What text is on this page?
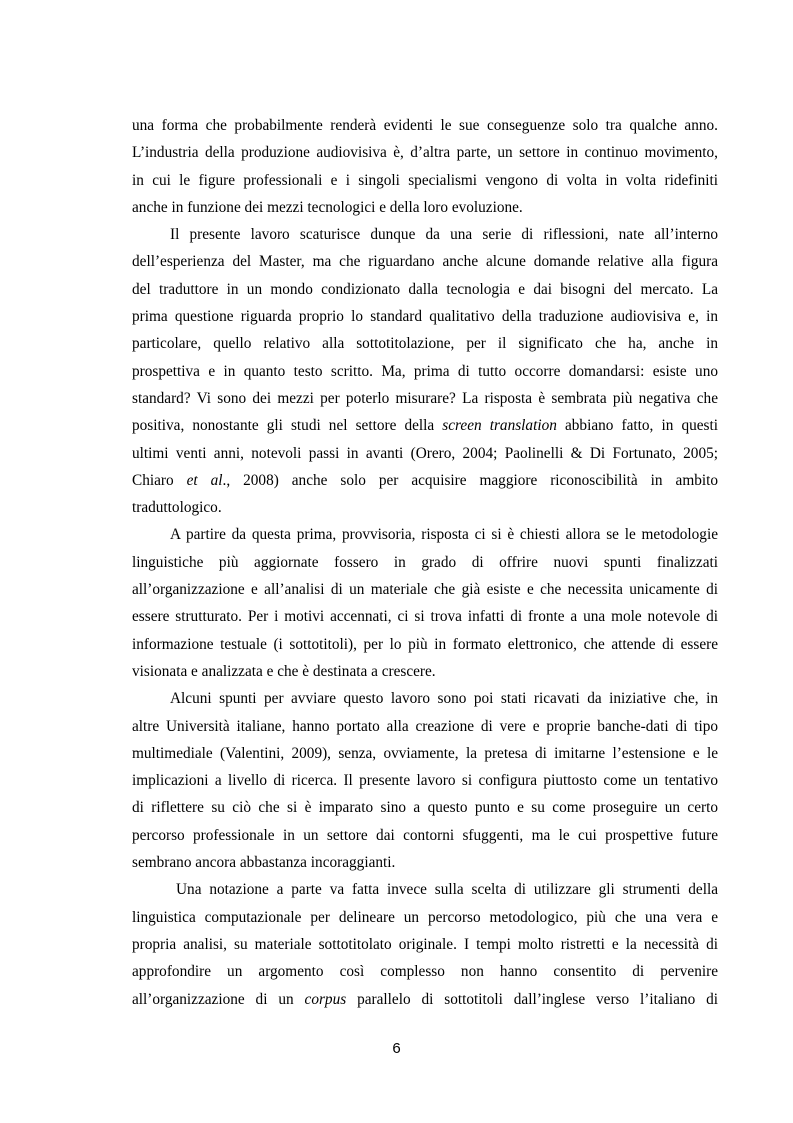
una forma che probabilmente renderà evidenti le sue conseguenze solo tra qualche anno.
L’industria della produzione audiovisiva è, d’altra parte, un settore in continuo movimento,
in cui le figure professionali e i singoli specialismi vengono di volta in volta ridefiniti
anche in funzione dei mezzi tecnologici e della loro evoluzione.
Il presente lavoro scaturisce dunque da una serie di riflessioni, nate all’interno
dell’esperienza del Master, ma che riguardano anche alcune domande relative alla figura
del traduttore in un mondo condizionato dalla tecnologia e dai bisogni del mercato. La
prima questione riguarda proprio lo standard qualitativo della traduzione audiovisiva e, in
particolare, quello relativo alla sottotitolazione, per il significato che ha, anche in
prospettiva e in quanto testo scritto. Ma, prima di tutto occorre domandarsi: esiste uno
standard? Vi sono dei mezzi per poterlo misurare? La risposta è sembrata più negativa che
positiva, nonostante gli studi nel settore della screen translation abbiano fatto, in questi
ultimi venti anni, notevoli passi in avanti (Orero, 2004; Paolinelli & Di Fortunato, 2005;
Chiaro et al., 2008) anche solo per acquisire maggiore riconoscibilità in ambito
traduttologico.
A partire da questa prima, provvisoria, risposta ci si è chiesti allora se le metodologie
linguistiche più aggiornate fossero in grado di offrire nuovi spunti finalizzati
all’organizzazione e all’analisi di un materiale che già esiste e che necessita unicamente di
essere strutturato. Per i motivi accennati, ci si trova infatti di fronte a una mole notevole di
informazione testuale (i sottotitoli), per lo più in formato elettronico, che attende di essere
visionata e analizzata e che è destinata a crescere.
Alcuni spunti per avviare questo lavoro sono poi stati ricavati da iniziative che, in
altre Università italiane, hanno portato alla creazione di vere e proprie banche-dati di tipo
multimediale (Valentini, 2009), senza, ovviamente, la pretesa di imitarne l’estensione e le
implicazioni a livello di ricerca. Il presente lavoro si configura piuttosto come un tentativo
di riflettere su ciò che si è imparato sino a questo punto e su come proseguire un certo
percorso professionale in un settore dai contorni sfuggenti, ma le cui prospettive future
sembrano ancora abbastanza incoraggianti.
Una notazione a parte va fatta invece sulla scelta di utilizzare gli strumenti della
linguistica computazionale per delineare un percorso metodologico, più che una vera e
propria analisi, su materiale sottotitolato originale. I tempi molto ristretti e la necessità di
approfondire un argomento così complesso non hanno consentito di pervenire
all’organizzazione di un corpus parallelo di sottotitoli dall’inglese verso l’italiano di
6
